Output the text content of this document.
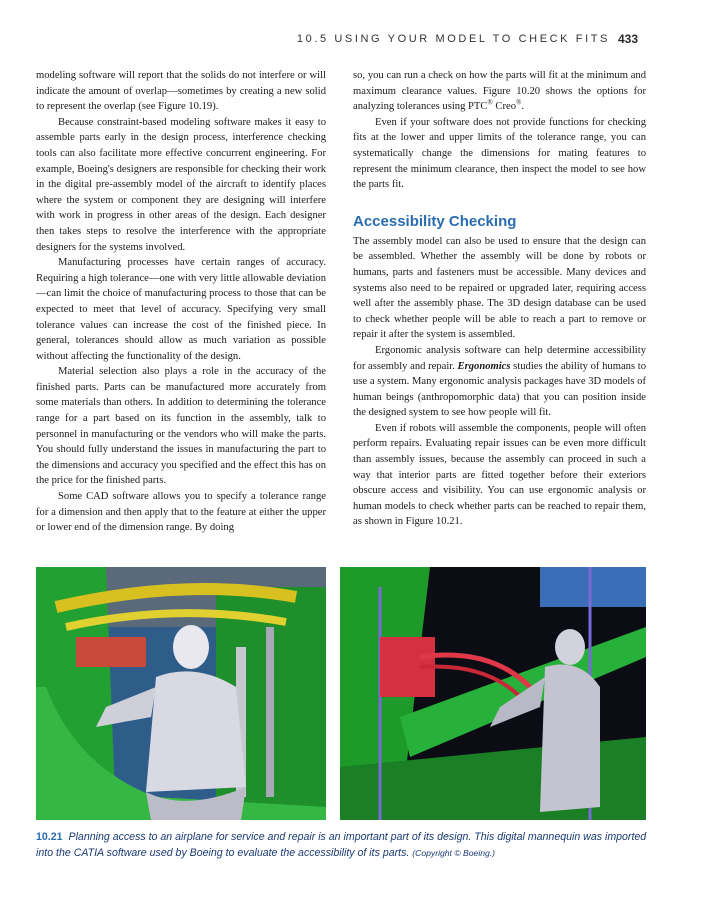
10.5 USING YOUR MODEL TO CHECK FITS 433

modeling software will report that the solids do not interfere or will indicate the amount of overlap—sometimes by creating a new solid to represent the overlap (see Figure 10.19).

Because constraint-based modeling software makes it easy to assemble parts early in the design process, interference checking tools can also facilitate more effective concurrent engineering. For example, Boeing's designers are responsible for checking their work in the digital pre-assembly model of the aircraft to identify places where the system or component they are designing will interfere with work in progress in other areas of the design. Each designer then takes steps to resolve the interference with the appropriate designers for the systems involved.

Manufacturing processes have certain ranges of accuracy. Requiring a high tolerance—one with very little allowable deviation—can limit the choice of manufacturing process to those that can be expected to meet that level of accuracy. Specifying very small tolerance values can increase the cost of the finished piece. In general, tolerances should allow as much variation as possible without affecting the functionality of the design.

Material selection also plays a role in the accuracy of the finished parts. Parts can be manufactured more accurately from some materials than others. In addition to determining the tolerance range for a part based on its function in the assembly, talk to personnel in manufacturing or the vendors who will make the parts. You should fully understand the issues in manufacturing the part to the dimensions and accuracy you specified and the effect this has on the price for the finished parts.

Some CAD software allows you to specify a tolerance range for a dimension and then apply that to the feature at either the upper or lower end of the dimension range. By doing

so, you can run a check on how the parts will fit at the minimum and maximum clearance values. Figure 10.20 shows the options for analyzing tolerances using PTC® Creo®.

Even if your software does not provide functions for checking fits at the lower and upper limits of the tolerance range, you can systematically change the dimensions for mating features to represent the minimum clearance, then inspect the model to see how the parts fit.

Accessibility Checking

The assembly model can also be used to ensure that the design can be assembled. Whether the assembly will be done by robots or humans, parts and fasteners must be accessible. Many devices and systems also need to be repaired or upgraded later, requiring access well after the assembly phase. The 3D design database can be used to check whether people will be able to reach a part to remove or repair it after the system is assembled.

Ergonomic analysis software can help determine accessibility for assembly and repair. Ergonomics studies the ability of humans to use a system. Many ergonomic analysis packages have 3D models of human beings (anthropomorphic data) that you can position inside the designed system to see how people will fit.

Even if robots will assemble the components, people will often perform repairs. Evaluating repair issues can be even more difficult than assembly issues, because the assembly can proceed in such a way that interior parts are fitted together before their exteriors obscure access and visibility. You can use ergonomic analysis or human models to check whether parts can be reached to repair them, as shown in Figure 10.21.

10.21 Planning access to an airplane for service and repair is an important part of its design. This digital mannequin was imported into the CATIA software used by Boeing to evaluate the accessibility of its parts. (Copyright © Boeing.)
